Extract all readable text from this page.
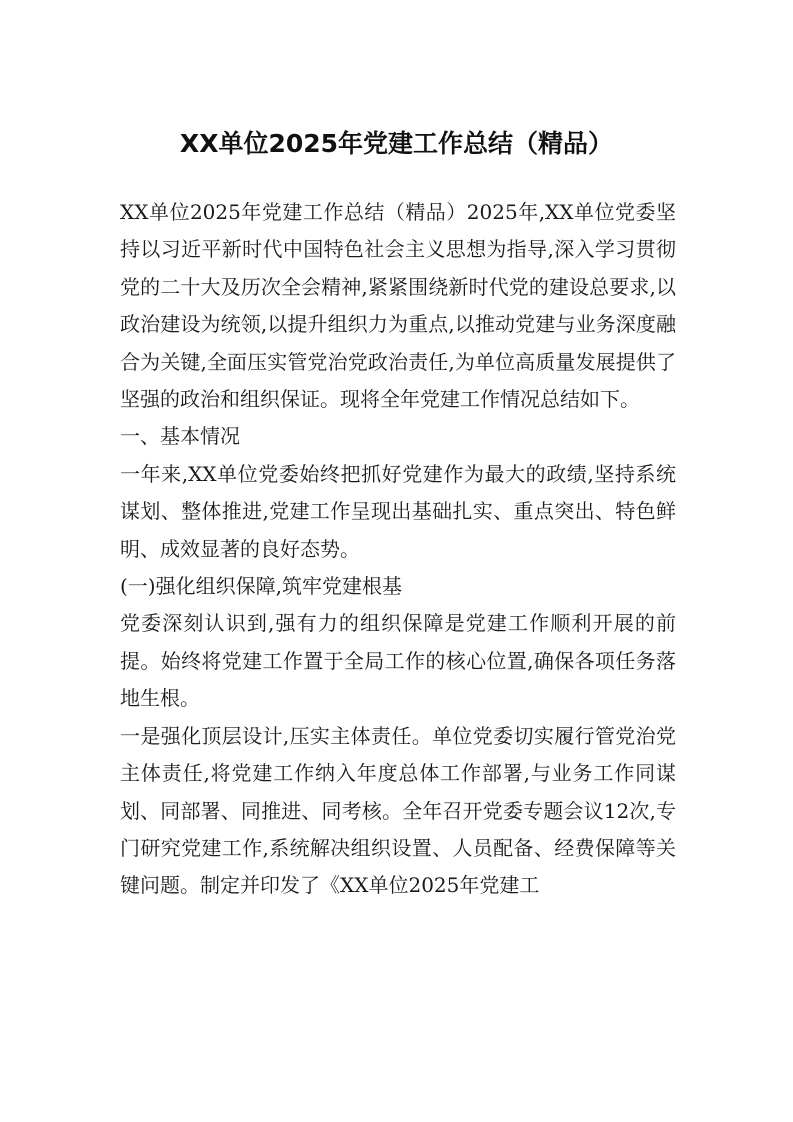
XX单位2025年党建工作总结（精品）

XX单位2025年党建工作总结（精品）2025年,XX单位党委坚持以习近平新时代中国特色社会主义思想为指导,深入学习贯彻党的二十大及历次全会精神,紧紧围绕新时代党的建设总要求,以政治建设为统领,以提升组织力为重点,以推动党建与业务深度融合为关键,全面压实管党治党政治责任,为单位高质量发展提供了坚强的政治和组织保证。现将全年党建工作情况总结如下。

一、基本情况

一年来,XX单位党委始终把抓好党建作为最大的政绩,坚持系统谋划、整体推进,党建工作呈现出基础扎实、重点突出、特色鲜明、成效显著的良好态势。

(一)强化组织保障,筑牢党建根基

党委深刻认识到,强有力的组织保障是党建工作顺利开展的前提。始终将党建工作置于全局工作的核心位置,确保各项任务落地生根。

一是强化顶层设计,压实主体责任。单位党委切实履行管党治党主体责任,将党建工作纳入年度总体工作部署,与业务工作同谋划、同部署、同推进、同考核。全年召开党委专题会议12次,专门研究党建工作,系统解决组织设置、人员配备、经费保障等关键问题。制定并印发了《XX单位2025年党建工
